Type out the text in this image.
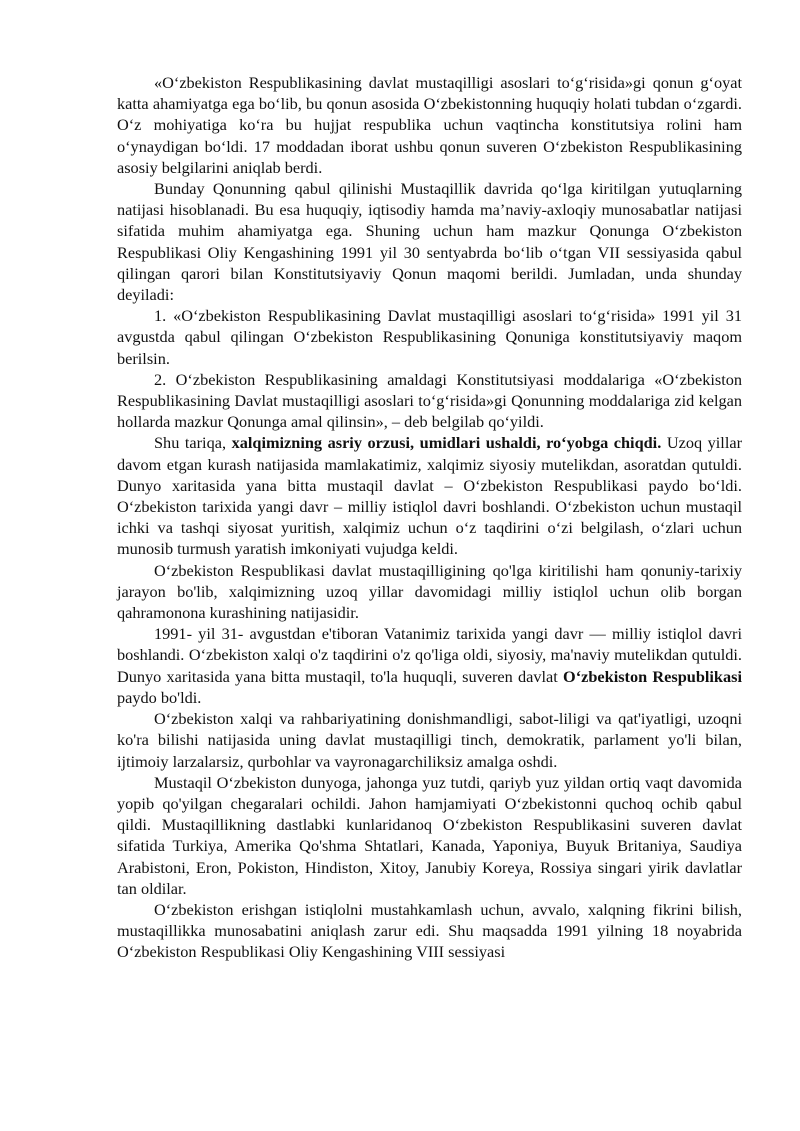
«O‘zbekiston Respublikasining davlat mustaqilligi asoslari to‘g‘risida»gi qonun g‘oyat katta ahamiyatga ega bo‘lib, bu qonun asosida O‘zbekistonning huquqiy holati tubdan o‘zgardi. O‘z mohiyatiga ko‘ra bu hujjat respublika uchun vaqtincha konstitutsiya rolini ham o‘ynaydigan bo‘ldi. 17 moddadan iborat ushbu qonun suveren O‘zbekiston Respublikasining asosiy belgilarini aniqlab berdi.

Bunday Qonunning qabul qilinishi Mustaqillik davrida qo‘lga kiritilgan yutuqlarning natijasi hisoblanadi. Bu esa huquqiy, iqtisodiy hamda ma’naviy-axloqiy munosabatlar natijasi sifatida muhim ahamiyatga ega. Shuning uchun ham mazkur Qonunga O‘zbekiston Respublikasi Oliy Kengashining 1991 yil 30 sentyabrda bo‘lib o‘tgan VII sessiyasida qabul qilingan qarori bilan Konstitutsiyaviy Qonun maqomi berildi. Jumladan, unda shunday deyiladi:

1. «O‘zbekiston Respublikasining Davlat mustaqilligi asoslari to‘g‘risida» 1991 yil 31 avgustda qabul qilingan O‘zbekiston Respublikasining Qonuniga konstitutsiyaviy maqom berilsin.

2. O‘zbekiston Respublikasining amaldagi Konstitutsiyasi moddalariga «O‘zbekiston Respublikasining Davlat mustaqilligi asoslari to‘g‘risida»gi Qonunning moddalariga zid kelgan hollarda mazkur Qonunga amal qilinsin», – deb belgilab qo‘yildi.

Shu tariqa, xalqimizning asriy orzusi, umidlari ushaldi, ro‘yobga chiqdi. Uzoq yillar davom etgan kurash natijasida mamlakatimiz, xalqimiz siyosiy mutelikdan, asoratdan qutuldi. Dunyo xaritasida yana bitta mustaqil davlat – O‘zbekiston Respublikasi paydo bo‘ldi. O‘zbekiston tarixida yangi davr – milliy istiqlol davri boshlandi. O‘zbekiston uchun mustaqil ichki va tashqi siyosat yuritish, xalqimiz uchun o‘z taqdirini o‘zi belgilash, o‘zlari uchun munosib turmush yaratish imkoniyati vujudga keldi.

O‘zbekiston Respublikasi davlat mustaqilligining qo'lga kiritilishi ham qonuniy-tarixiy jarayon bo'lib, xalqimizning uzoq yillar davomidagi milliy istiqlol uchun olib borgan qahramonona kurashining natijasidir.

1991- yil 31- avgustdan e'tiboran Vatanimiz tarixida yangi davr — milliy istiqlol davri boshlandi. O‘zbekiston xalqi o'z taqdirini o'z qo'liga oldi, siyosiy, ma'naviy mutelikdan qutuldi. Dunyo xaritasida yana bitta mustaqil, to'la huquqli, suveren davlat O‘zbekiston Respublikasi paydo bo'ldi.

O‘zbekiston xalqi va rahbariyatining donishmandligi, sabot-liligi va qat'iyatligi, uzoqni ko'ra bilishi natijasida uning davlat mustaqilligi tinch, demokratik, parlament yo'li bilan, ijtimoiy larzalarsiz, qurbohlar va vayronagarchiliksiz amalga oshdi.

Mustaqil O‘zbekiston dunyoga, jahonga yuz tutdi, qariyb yuz yildan ortiq vaqt davomida yopib qo'yilgan chegaralari ochildi. Jahon hamjamiyati O‘zbekistonni quchoq ochib qabul qildi. Mustaqillikning dastlabki kunlaridanoq O‘zbekiston Respublikasini suveren davlat sifatida Turkiya, Amerika Qo'shma Shtatlari, Kanada, Yaponiya, Buyuk Britaniya, Saudiya Arabistoni, Eron, Pokiston, Hindiston, Xitoy, Janubiy Koreya, Rossiya singari yirik davlatlar tan oldilar.

O‘zbekiston erishgan istiqlolni mustahkamlash uchun, avvalo, xalqning fikrini bilish, mustaqillikka munosabatini aniqlash zarur edi. Shu maqsadda 1991 yilning 18 noyabrida O‘zbekiston Respublikasi Oliy Kengashining VIII sessiyasi
